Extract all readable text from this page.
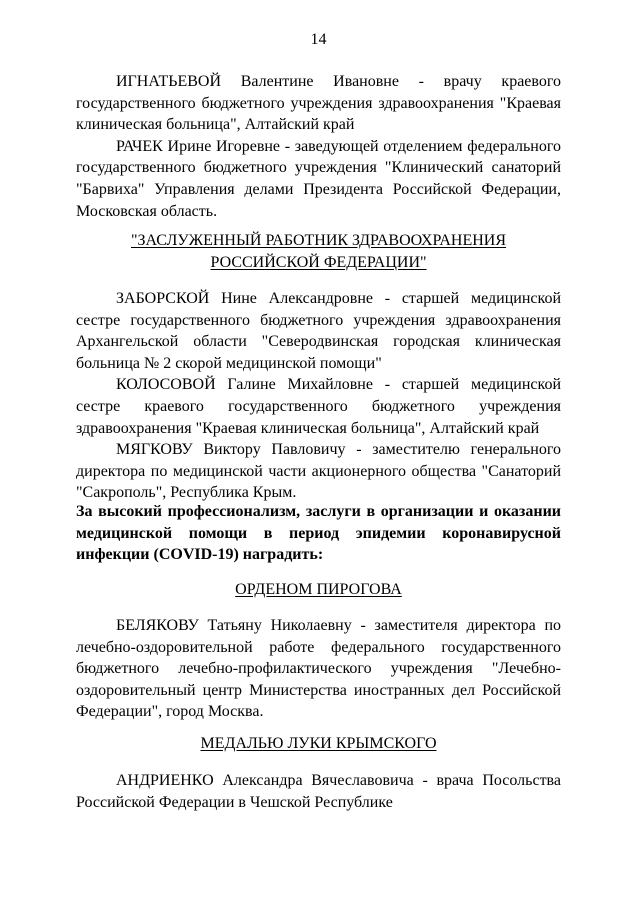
14

ИГНАТЬЕВОЙ Валентине Ивановне - врачу краевого государственного бюджетного учреждения здравоохранения "Краевая клиническая больница", Алтайский край

РАЧЕК Ирине Игоревне - заведующей отделением федерального государственного бюджетного учреждения "Клинический санаторий "Барвиха" Управления делами Президента Российской Федерации, Московская область.

"ЗАСЛУЖЕННЫЙ РАБОТНИК ЗДРАВООХРАНЕНИЯ
РОССИЙСКОЙ ФЕДЕРАЦИИ"

ЗАБОРСКОЙ Нине Александровне - старшей медицинской сестре государственного бюджетного учреждения здравоохранения Архангельской области "Северодвинская городская клиническая больница № 2 скорой медицинской помощи"

КОЛОСОВОЙ Галине Михайловне - старшей медицинской сестре краевого государственного бюджетного учреждения здравоохранения "Краевая клиническая больница", Алтайский край

МЯГКОВУ Виктору Павловичу - заместителю генерального директора по медицинской части акционерного общества "Санаторий "Сакрополь", Республика Крым.

За высокий профессионализм, заслуги в организации и оказании медицинской помощи в период эпидемии коронавирусной инфекции (COVID-19) наградить:

ОРДЕНОМ ПИРОГОВА

БЕЛЯКОВУ Татьяну Николаевну - заместителя директора по лечебно-оздоровительной работе федерального государственного бюджетного лечебно-профилактического учреждения "Лечебно-оздоровительный центр Министерства иностранных дел Российской Федерации", город Москва.

МЕДАЛЬЮ ЛУКИ КРЫМСКОГО

АНДРИЕНКО Александра Вячеславовича - врача Посольства Российской Федерации в Чешской Республике
